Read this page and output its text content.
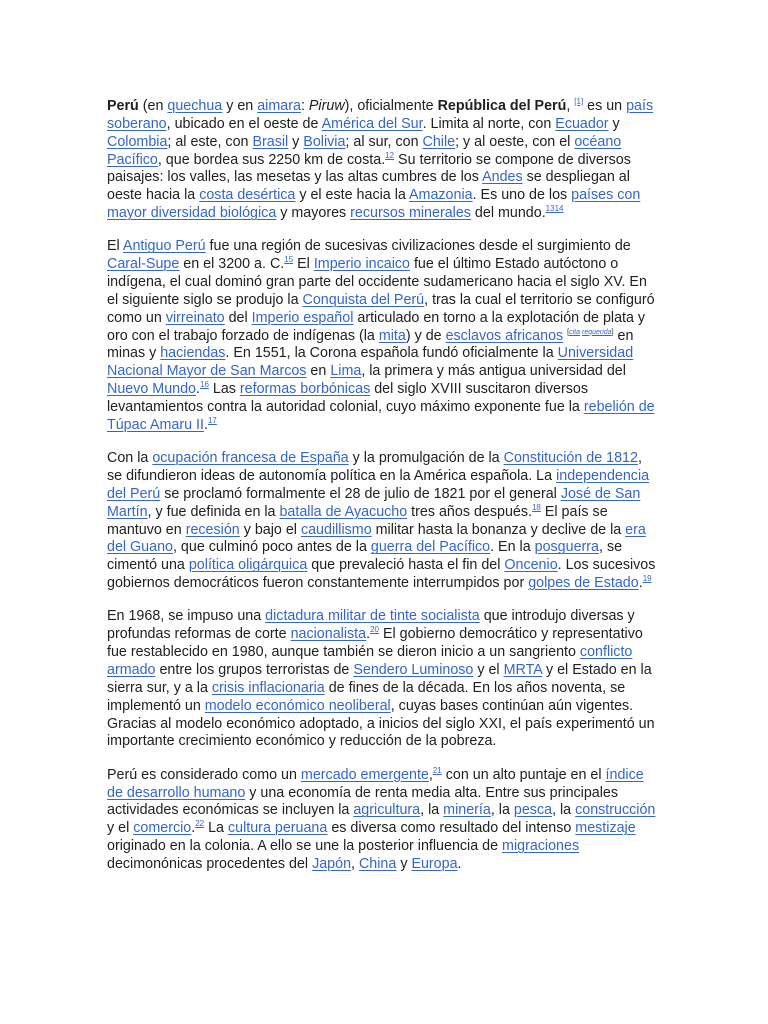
Perú (en quechua y en aimara: Piruw), oficialmente República del Perú, [1] es un país soberano, ubicado en el oeste de América del Sur. Limita al norte, con Ecuador y Colombia; al este, con Brasil y Bolivia; al sur, con Chile; y al oeste, con el océano Pacífico, que bordea sus 2250 km de costa.$^{12}$ Su territorio se compone de diversos paisajes: los valles, las mesetas y las altas cumbres de los Andes se despliegan al oeste hacia la costa desértica y el este hacia la Amazonia. Es uno de los países con mayor diversidad biológica y mayores recursos minerales del mundo.$^{1314}$

El Antiguo Perú fue una región de sucesivas civilizaciones desde el surgimiento de Caral-Supe en el 3200 a. C.$^{15}$ El Imperio incaico fue el último Estado autóctono o indígena, el cual dominó gran parte del occidente sudamericano hacia el siglo XV. En el siguiente siglo se produjo la Conquista del Perú, tras la cual el territorio se configuró como un virreinato del Imperio español articulado en torno a la explotación de plata y oro con el trabajo forzado de indígenas (la mita) y de esclavos africanos [cita requerida] en minas y haciendas. En 1551, la Corona española fundó oficialmente la Universidad Nacional Mayor de San Marcos en Lima, la primera y más antigua universidad del Nuevo Mundo.$^{16}$ Las reformas borbónicas del siglo XVIII suscitaron diversos levantamientos contra la autoridad colonial, cuyo máximo exponente fue la rebelión de Túpac Amaru II.$^{17}$

Con la ocupación francesa de España y la promulgación de la Constitución de 1812, se difundieron ideas de autonomía política en la América española. La independencia del Perú se proclamó formalmente el 28 de julio de 1821 por el general José de San Martín, y fue definida en la batalla de Ayacucho tres años después.$^{18}$ El país se mantuvo en recesión y bajo el caudillismo militar hasta la bonanza y declive de la era del Guano, que culminó poco antes de la guerra del Pacífico. En la posguerra, se cimentó una política oligárquica que prevaleció hasta el fin del Oncenio. Los sucesivos gobiernos democráticos fueron constantemente interrumpidos por golpes de Estado.$^{19}$

En 1968, se impuso una dictadura militar de tinte socialista que introdujo diversas y profundas reformas de corte nacionalista.$^{20}$ El gobierno democrático y representativo fue restablecido en 1980, aunque también se dieron inicio a un sangriento conflicto armado entre los grupos terroristas de Sendero Luminoso y el MRTA y el Estado en la sierra sur, y a la crisis inflacionaria de fines de la década. En los años noventa, se implementó un modelo económico neoliberal, cuyas bases continúan aún vigentes. Gracias al modelo económico adoptado, a inicios del siglo XXI, el país experimentó un importante crecimiento económico y reducción de la pobreza.

Perú es considerado como un mercado emergente,$^{21}$ con un alto puntaje en el índice de desarrollo humano y una economía de renta media alta. Entre sus principales actividades económicas se incluyen la agricultura, la minería, la pesca, la construcción y el comercio.$^{22}$ La cultura peruana es diversa como resultado del intenso mestizaje originado en la colonia. A ello se une la posterior influencia de migraciones decimonónicas procedentes del Japón, China y Europa.
